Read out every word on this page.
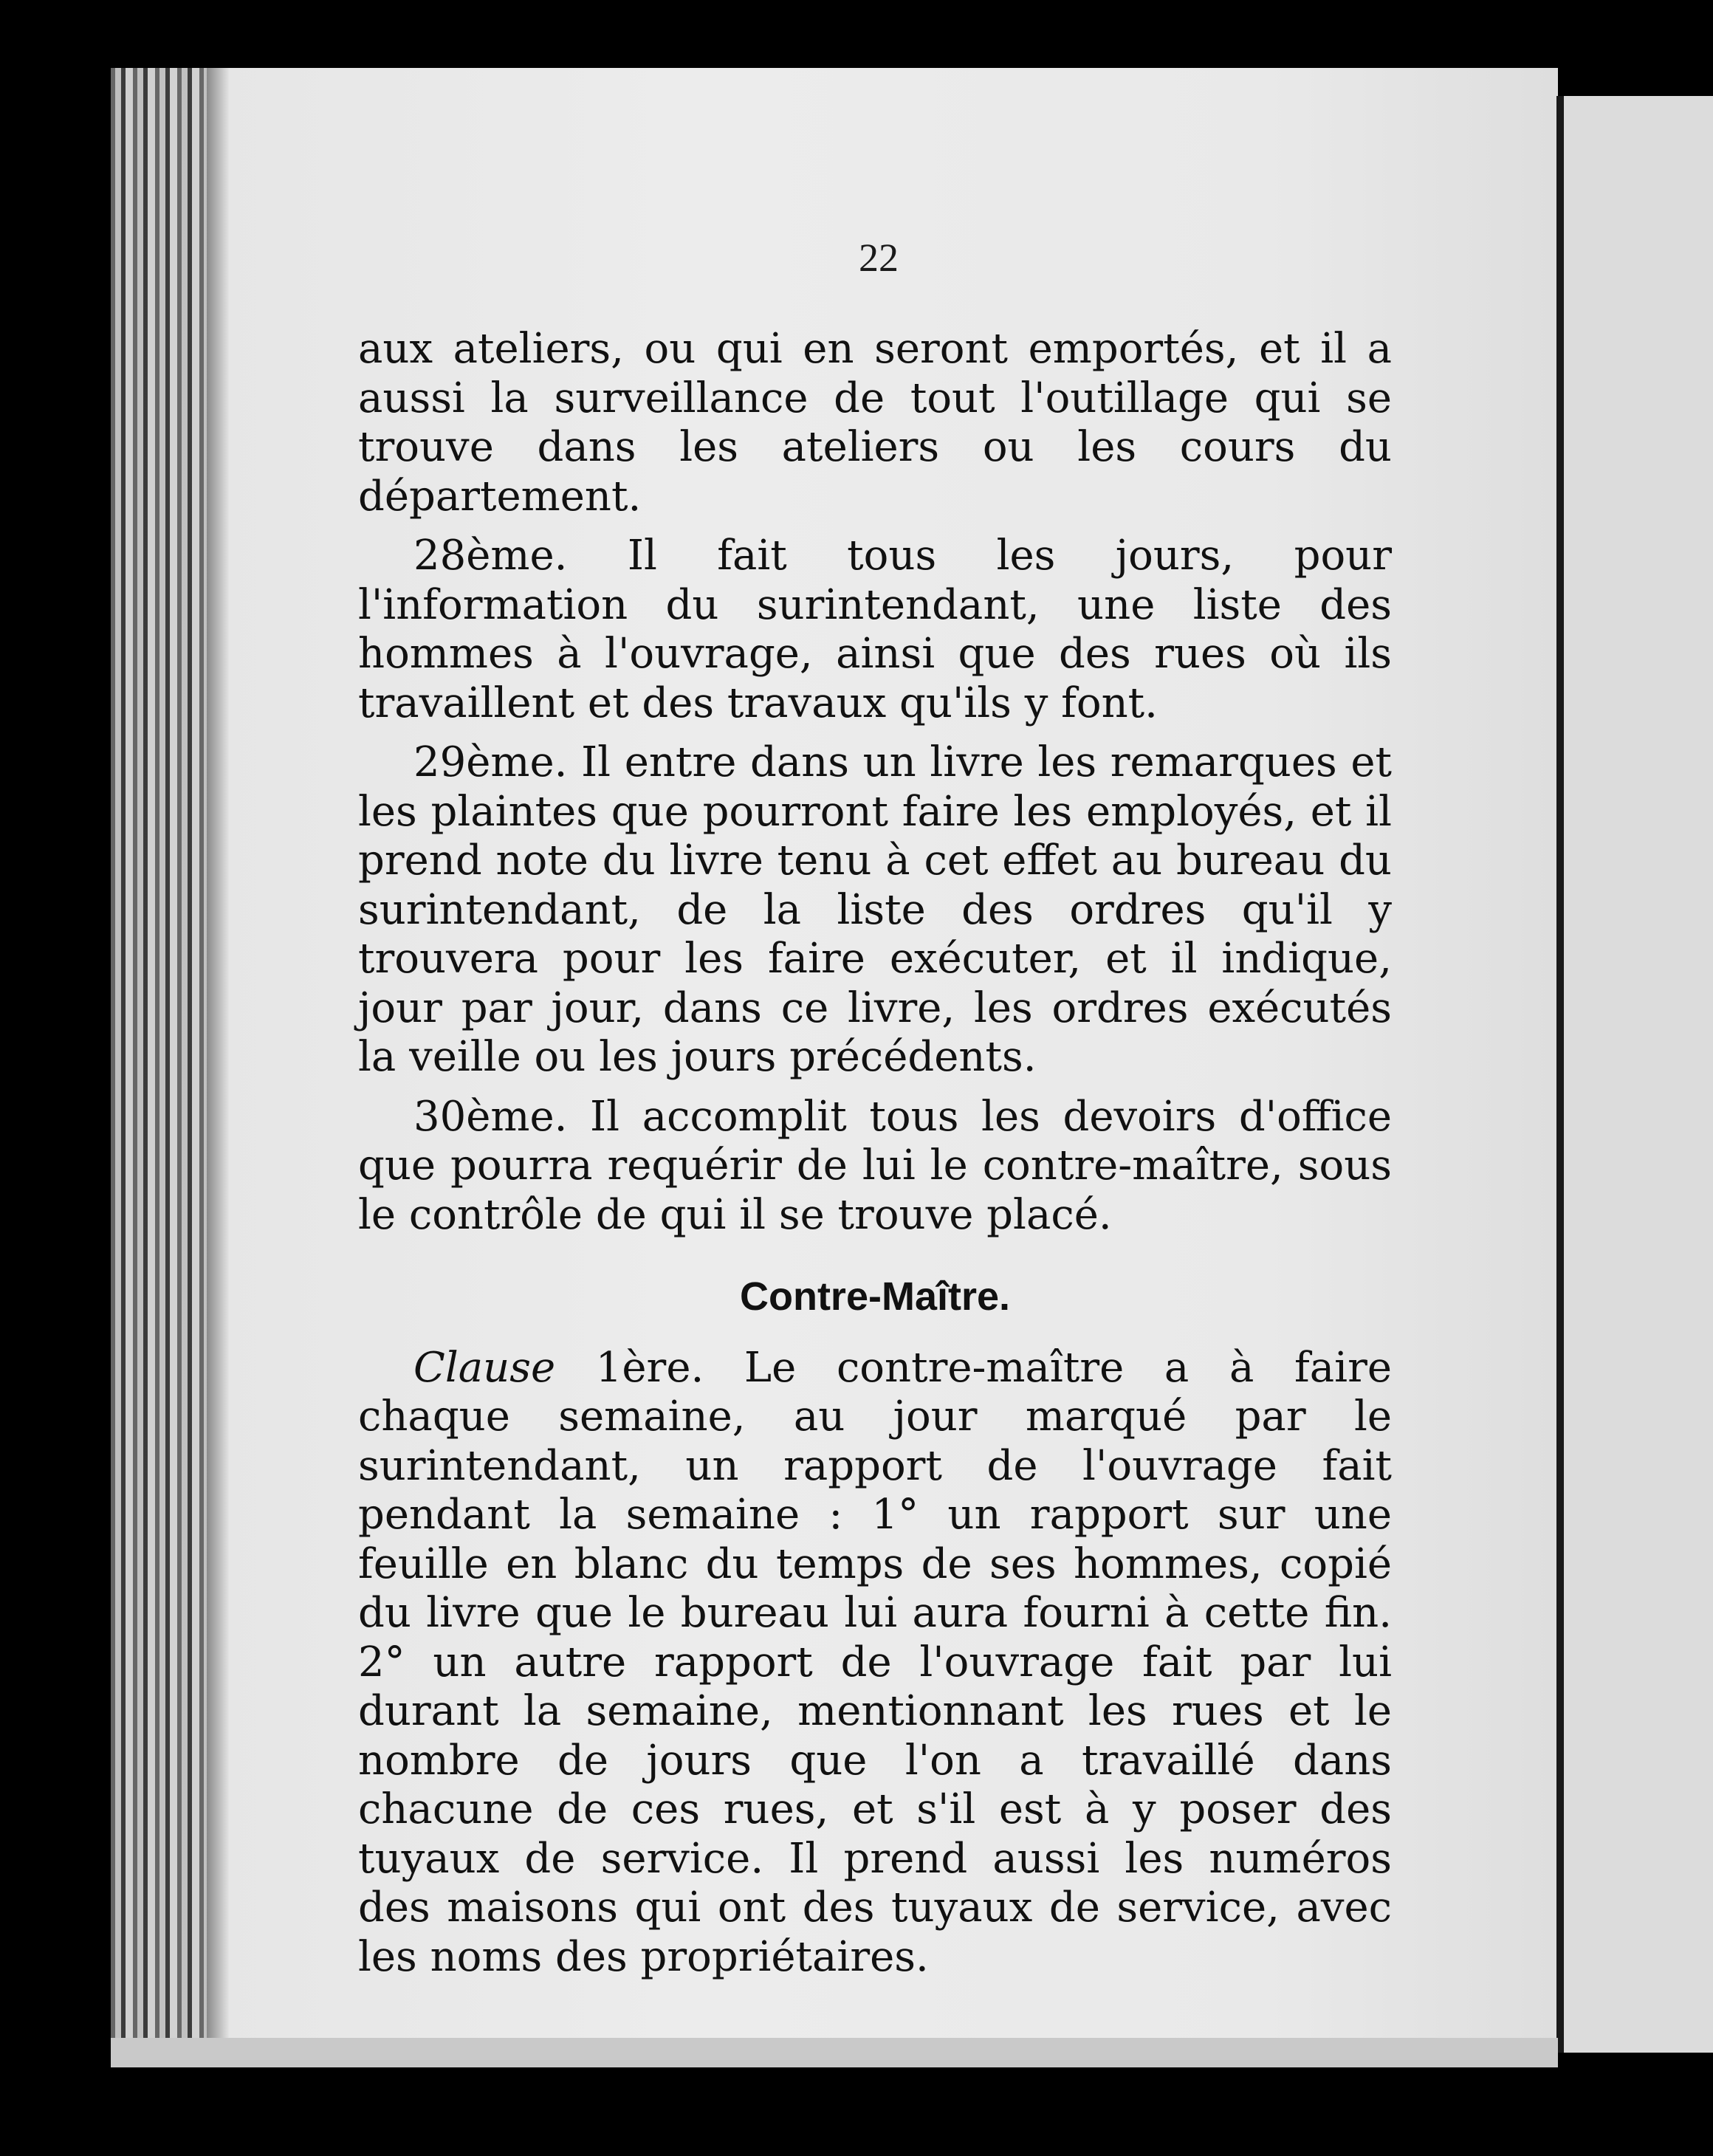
22

aux ateliers, ou qui en seront emportés, et il a aussi la surveillance de tout l'outillage qui se trouve dans les ateliers ou les cours du département.

28ème. Il fait tous les jours, pour l'information du surintendant, une liste des hommes à l'ouvrage, ainsi que des rues où ils travaillent et des travaux qu'ils y font.

29ème. Il entre dans un livre les remarques et les plaintes que pourront faire les employés, et il prend note du livre tenu à cet effet au bureau du surintendant, de la liste des ordres qu'il y trouvera pour les faire exécuter, et il indique, jour par jour, dans ce livre, les ordres exécutés la veille ou les jours précédents.

30ème. Il accomplit tous les devoirs d'office que pourra requérir de lui le contre-maître, sous le contrôle de qui il se trouve placé.

Contre-Maître.

Clause 1ère. Le contre-maître a à faire chaque semaine, au jour marqué par le surintendant, un rapport de l'ouvrage fait pendant la semaine : 1° un rapport sur une feuille en blanc du temps de ses hommes, copié du livre que le bureau lui aura fourni à cette fin. 2° un autre rapport de l'ouvrage fait par lui durant la semaine, mentionnant les rues et le nombre de jours que l'on a travaillé dans chacune de ces rues, et s'il est à y poser des tuyaux de service. Il prend aussi les numéros des maisons qui ont des tuyaux de service, avec les noms des propriétaires.
